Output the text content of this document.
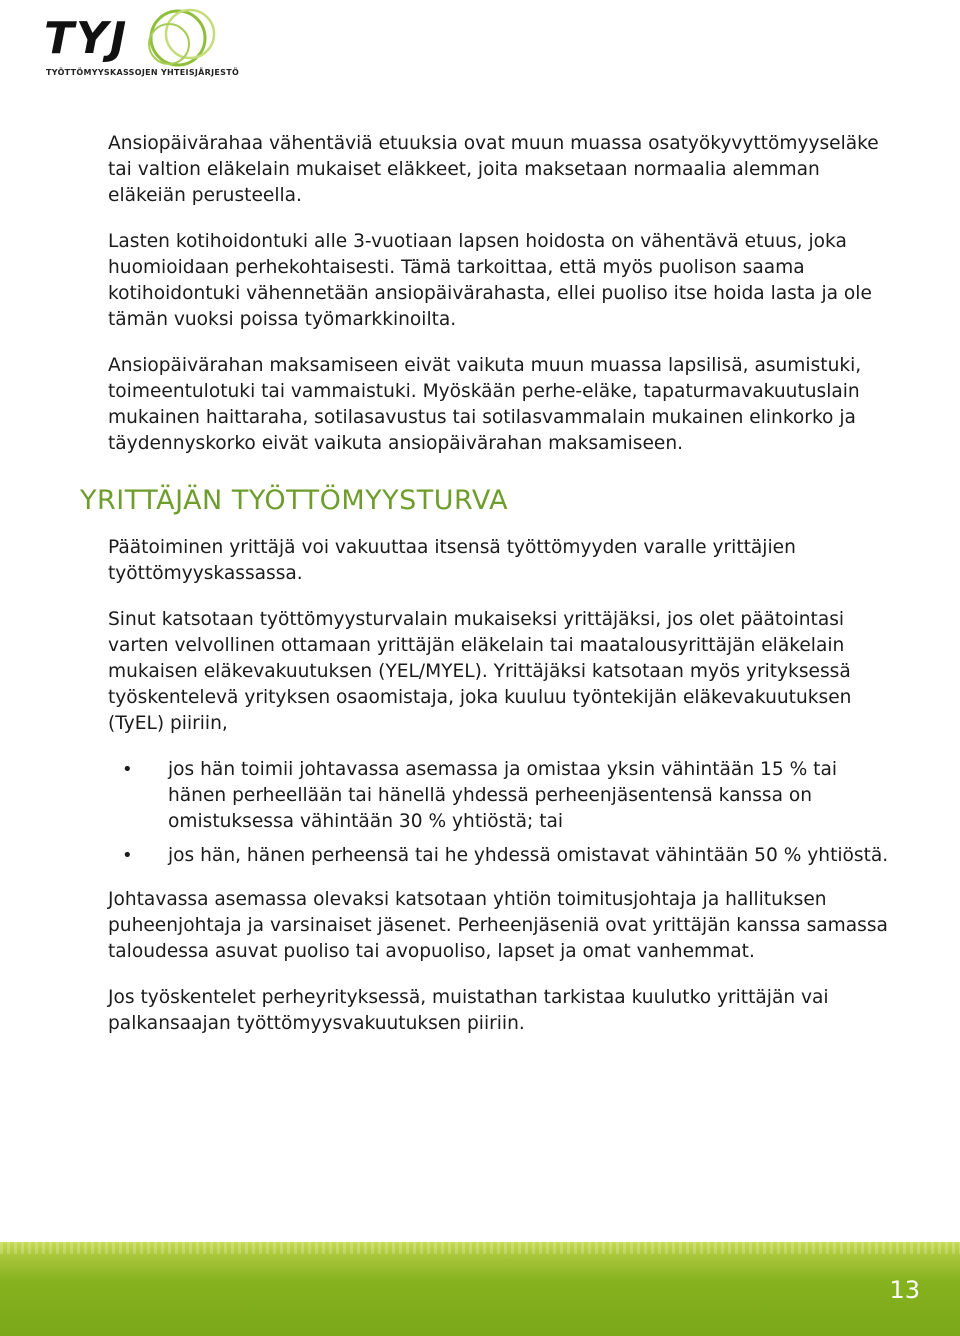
TYJ
TYÖTTÖMYYSKASSOJEN YHTEISJÄRJESTÖ

Ansiopäivärahaa vähentäviä etuuksia ovat muun muassa osatyökyvyttömyyseläke tai valtion eläkelain mukaiset eläkkeet, joita maksetaan normaalia alemman eläkeiän perusteella.

Lasten kotihoidontuki alle 3-vuotiaan lapsen hoidosta on vähentävä etuus, joka huomioidaan perhekohtaisesti. Tämä tarkoittaa, että myös puolison saama kotihoidontuki vähennetään ansiopäivärahasta, ellei puoliso itse hoida lasta ja ole tämän vuoksi poissa työmarkkinoilta.

Ansiopäivärahan maksamiseen eivät vaikuta muun muassa lapsilisä, asumistuki, toimeentulotuki tai vammaistuki. Myöskään perhe-eläke, tapaturmavakuutuslain mukainen haittaraha, sotilasavustus tai sotilasvammalain mukainen elinkorko ja täydennyskorko eivät vaikuta ansiopäivärahan maksamiseen.

YRITTÄJÄN TYÖTTÖMYYSTURVA

Päätoiminen yrittäjä voi vakuuttaa itsensä työttömyyden varalle yrittäjien työttömyyskassassa.

Sinut katsotaan työttömyysturvalain mukaiseksi yrittäjäksi, jos olet päätointasi varten velvollinen ottamaan yrittäjän eläkelain tai maatalousyrittäjän eläkelain mukaisen eläkevakuutuksen (YEL/MYEL). Yrittäjäksi katsotaan myös yrityksessä työskentelevä yrityksen osaomistaja, joka kuuluu työntekijän eläkevakuutuksen (TyEL) piiriin,

• jos hän toimii johtavassa asemassa ja omistaa yksin vähintään 15 % tai hänen perheellään tai hänellä yhdessä perheenjäsentensä kanssa on omistuksessa vähintään 30 % yhtiöstä; tai
• jos hän, hänen perheensä tai he yhdessä omistavat vähintään 50 % yhtiöstä.

Johtavassa asemassa olevaksi katsotaan yhtiön toimitusjohtaja ja hallituksen puheenjohtaja ja varsinaiset jäsenet. Perheenjäseniä ovat yrittäjän kanssa samassa taloudessa asuvat puoliso tai avopuoliso, lapset ja omat vanhemmat.

Jos työskentelet perheyrityksessä, muistathan tarkistaa kuulutko yrittäjän vai palkansaajan työttömyysvakuutuksen piiriin.

13
